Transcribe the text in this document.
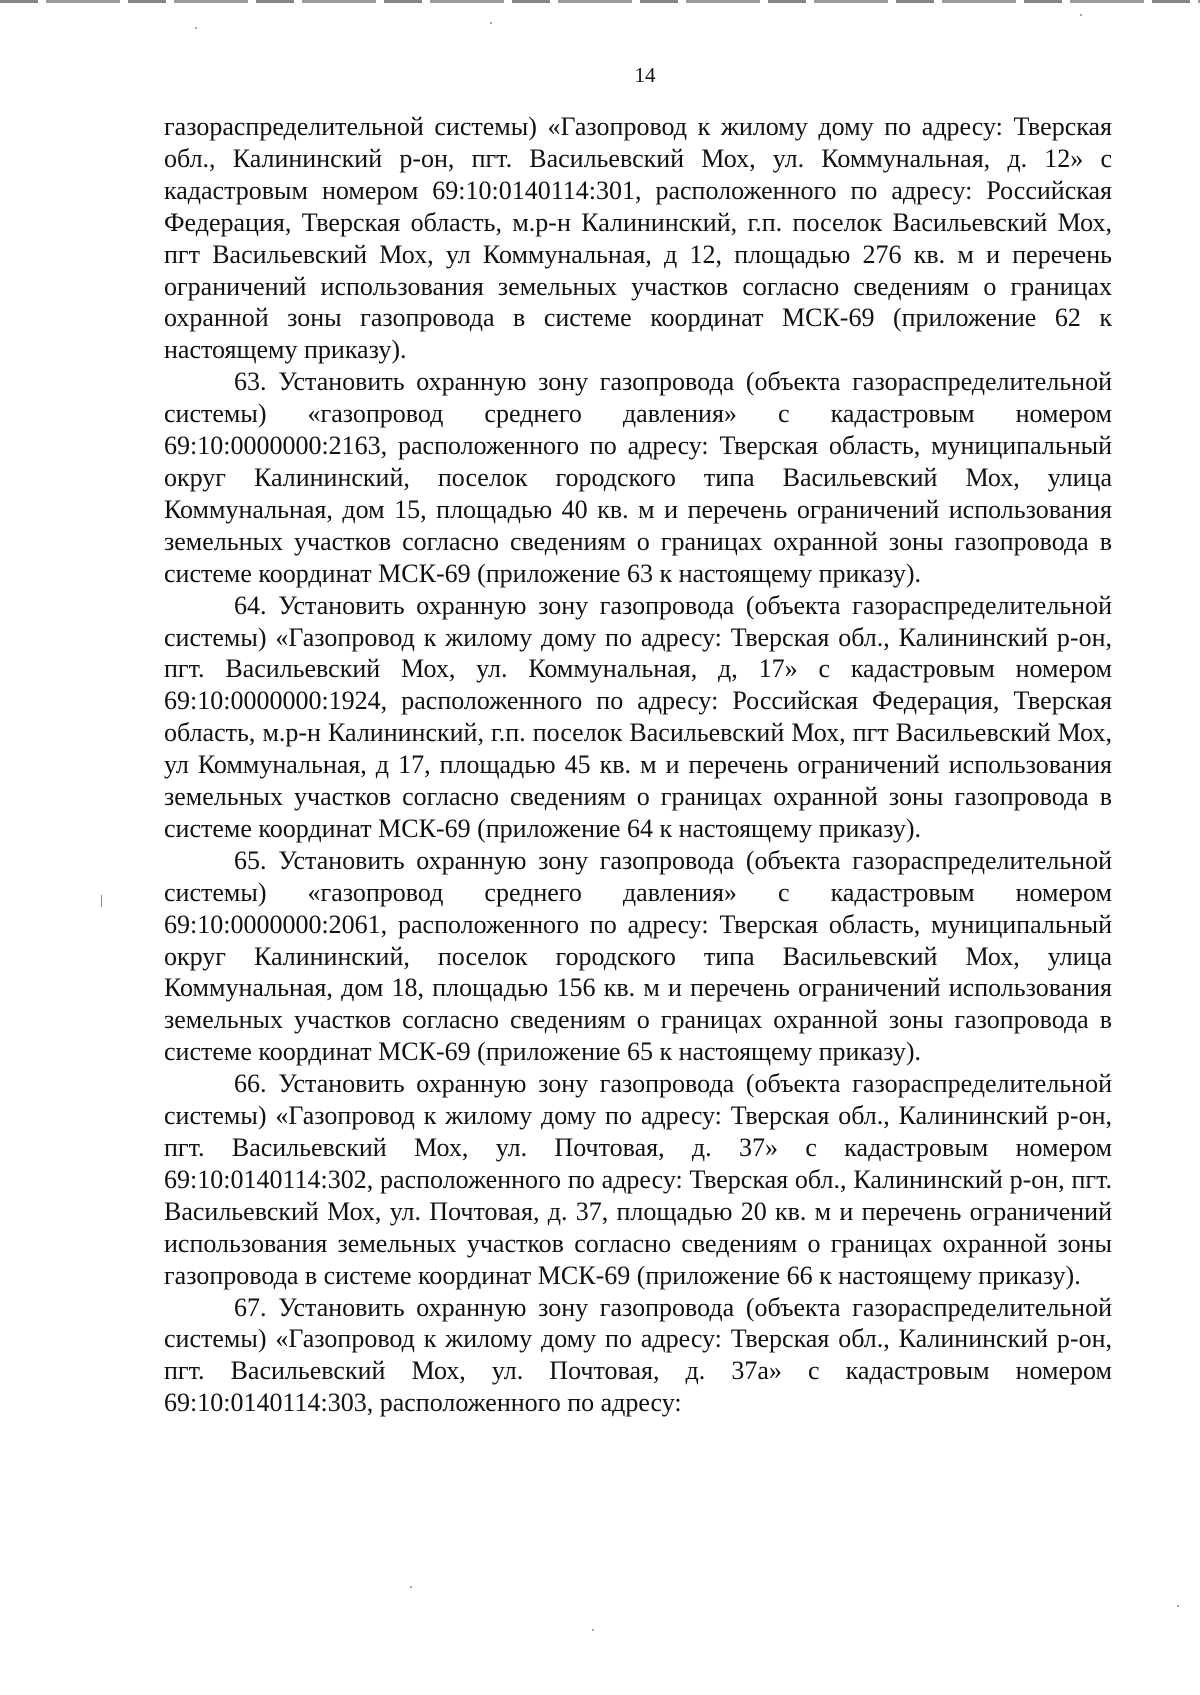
14

газораспределительной системы) «Газопровод к жилому дому по адресу: Тверская обл., Калининский р-он, пгт. Васильевский Мох, ул. Коммунальная, д. 12» с кадастровым номером 69:10:0140114:301, расположенного по адресу: Российская Федерация, Тверская область, м.р-н Калининский, г.п. поселок Васильевский Мох, пгт Васильевский Мох, ул Коммунальная, д 12, площадью 276 кв. м и перечень ограничений использования земельных участков согласно сведениям о границах охранной зоны газопровода в системе координат МСК-69 (приложение 62 к настоящему приказу).

63. Установить охранную зону газопровода (объекта газораспределительной системы) «газопровод среднего давления» с кадастровым номером 69:10:0000000:2163, расположенного по адресу: Тверская область, муниципальный округ Калининский, поселок городского типа Васильевский Мох, улица Коммунальная, дом 15, площадью 40 кв. м и перечень ограничений использования земельных участков согласно сведениям о границах охранной зоны газопровода в системе координат МСК-69 (приложение 63 к настоящему приказу).

64. Установить охранную зону газопровода (объекта газораспределительной системы) «Газопровод к жилому дому по адресу: Тверская обл., Калининский р-он, пгт. Васильевский Мох, ул. Коммунальная, д, 17» с кадастровым номером 69:10:0000000:1924, расположенного по адресу: Российская Федерация, Тверская область, м.р-н Калининский, г.п. поселок Васильевский Мох, пгт Васильевский Мох, ул Коммунальная, д 17, площадью 45 кв. м и перечень ограничений использования земельных участков согласно сведениям о границах охранной зоны газопровода в системе координат МСК-69 (приложение 64 к настоящему приказу).

65. Установить охранную зону газопровода (объекта газораспределительной системы) «газопровод среднего давления» с кадастровым номером 69:10:0000000:2061, расположенного по адресу: Тверская область, муниципальный округ Калининский, поселок городского типа Васильевский Мох, улица Коммунальная, дом 18, площадью 156 кв. м и перечень ограничений использования земельных участков согласно сведениям о границах охранной зоны газопровода в системе координат МСК-69 (приложение 65 к настоящему приказу).

66. Установить охранную зону газопровода (объекта газораспределительной системы) «Газопровод к жилому дому по адресу: Тверская обл., Калининский р-он, пгт. Васильевский Мох, ул. Почтовая, д. 37» с кадастровым номером 69:10:0140114:302, расположенного по адресу: Тверская обл., Калининский р-он, пгт. Васильевский Мох, ул. Почтовая, д. 37, площадью 20 кв. м и перечень ограничений использования земельных участков согласно сведениям о границах охранной зоны газопровода в системе координат МСК-69 (приложение 66 к настоящему приказу).

67. Установить охранную зону газопровода (объекта газораспределительной системы) «Газопровод к жилому дому по адресу: Тверская обл., Калининский р-он, пгт. Васильевский Мох, ул. Почтовая, д. 37а» с кадастровым номером 69:10:0140114:303, расположенного по адресу:
